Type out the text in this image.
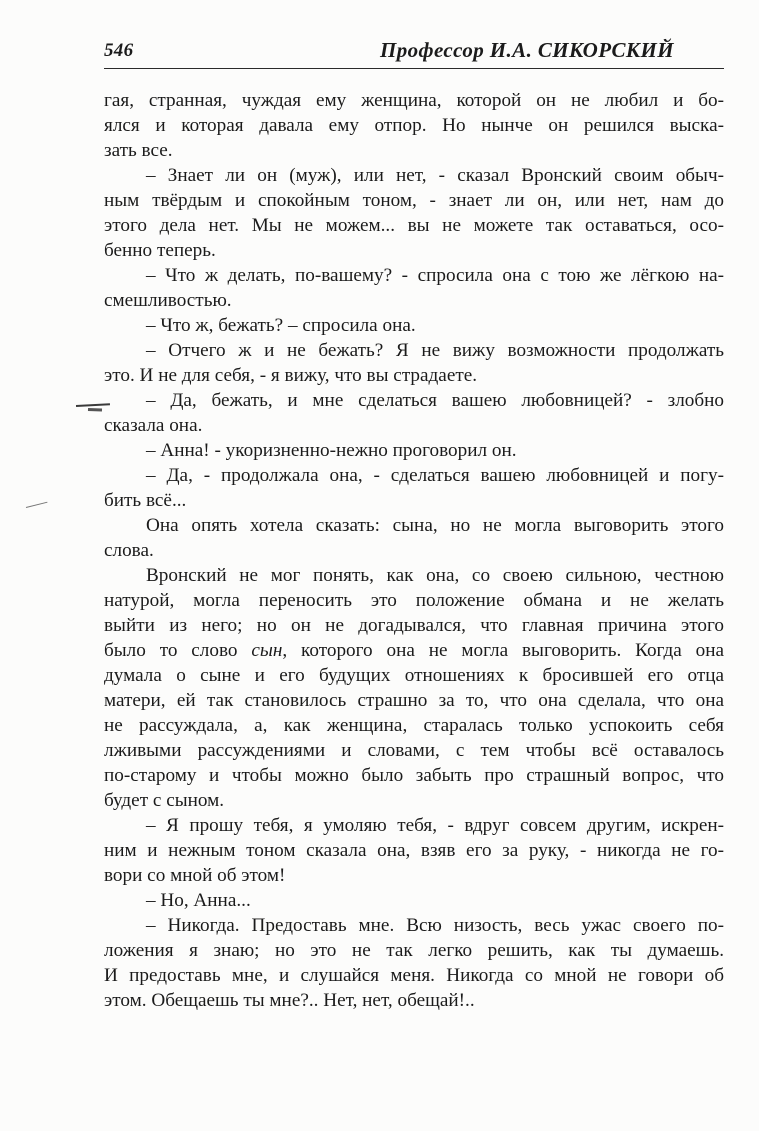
546	Профессор И.А. СИКОРСКИЙ
гая, странная, чуждая ему женщина, которой он не любил и бо-
ялся и которая давала ему отпор. Но нынче он решился выска-
зать все.
– Знает ли он (муж), или нет, - сказал Вронский своим обыч-
ным твёрдым и спокойным тоном, - знает ли он, или нет, нам до
этого дела нет. Мы не можем... вы не можете так оставаться, осо-
бенно теперь.
– Что ж делать, по-вашему? - спросила она с тою же лёгкою на-
смешливостью.
– Что ж, бежать? – спросила она.
– Отчего ж и не бежать? Я не вижу возможности продолжать
это. И не для себя, - я вижу, что вы страдаете.
– Да, бежать, и мне сделаться вашею любовницей? - злобно
сказала она.
– Анна! - укоризненно-нежно проговорил он.
– Да, - продолжала она, - сделаться вашею любовницей и погу-
бить всё...
Она опять хотела сказать: сына, но не могла выговорить этого
слова.
Вронский не мог понять, как она, со своею сильною, честною
натурой, могла переносить это положение обмана и не желать
выйти из него; но он не догадывался, что главная причина этого
было то слово сын, которого она не могла выговорить. Когда она
думала о сыне и его будущих отношениях к бросившей его отца
матери, ей так становилось страшно за то, что она сделала, что она
не рассуждала, а, как женщина, старалась только успокоить себя
лживыми рассуждениями и словами, с тем чтобы всё оставалось
по-старому и чтобы можно было забыть про страшный вопрос, что
будет с сыном.
– Я прошу тебя, я умоляю тебя, - вдруг совсем другим, искрен-
ним и нежным тоном сказала она, взяв его за руку, - никогда не го-
вори со мной об этом!
– Но, Анна...
– Никогда. Предоставь мне. Всю низость, весь ужас своего по-
ложения я знаю; но это не так легко решить, как ты думаешь.
И предоставь мне, и слушайся меня. Никогда со мной не говори об
этом. Обещаешь ты мне?.. Нет, нет, обещай!..
